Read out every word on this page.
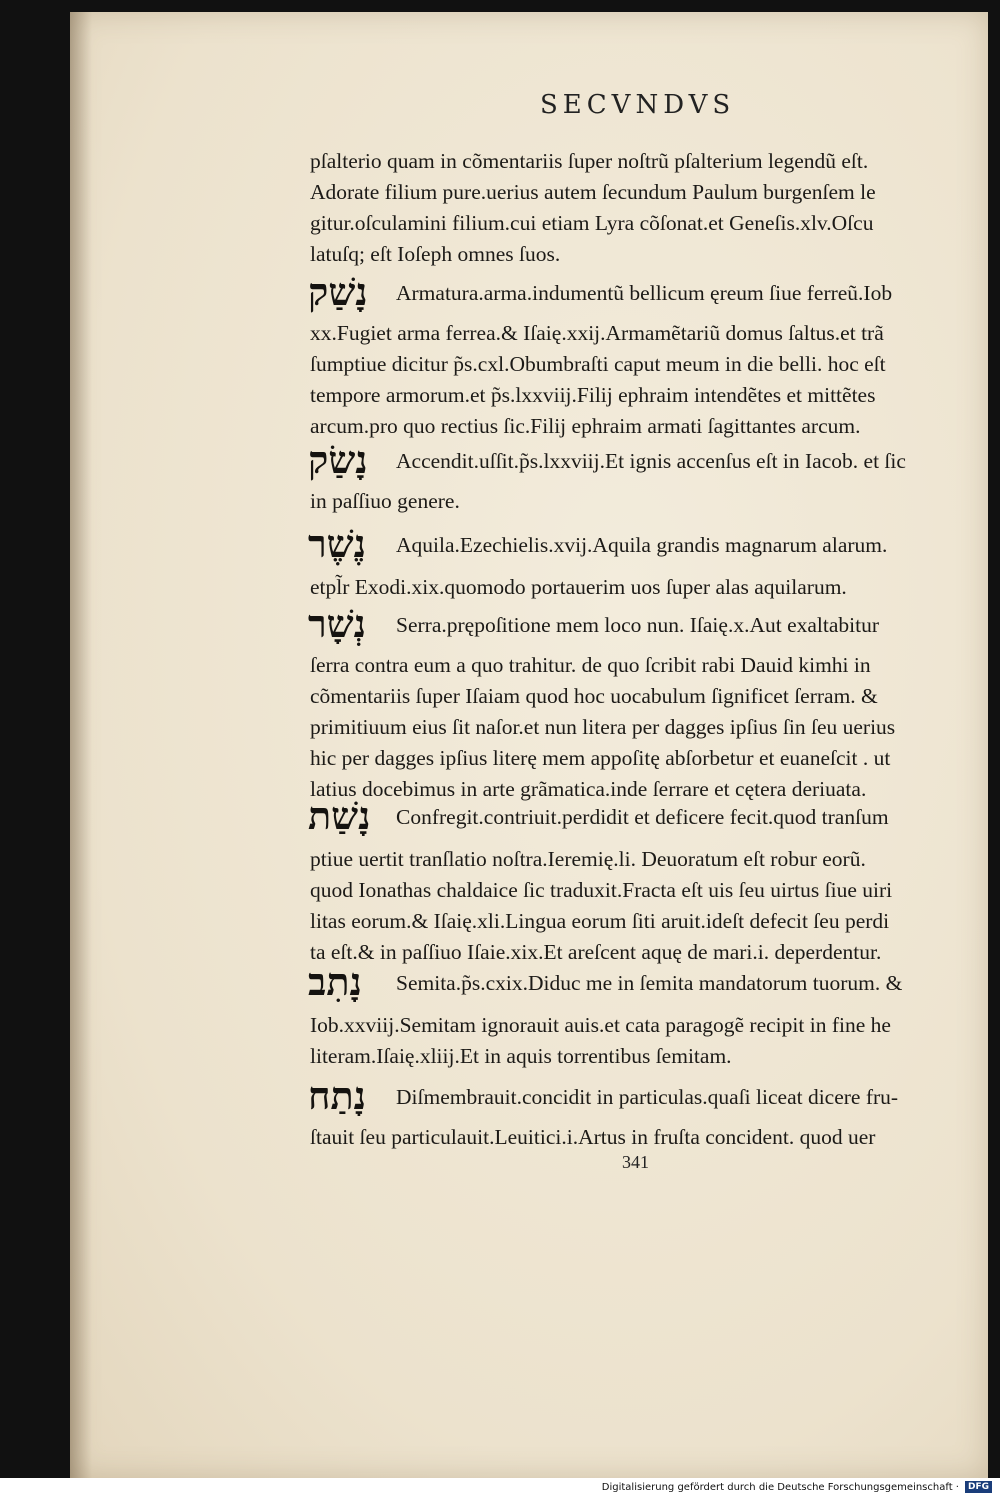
SECVNDVS
pſalterio quam in cõmentariis ſuper noſtrũ pſalterium legendũ eſt.
Adorate filium pure.uerius autem ſecundum Paulum burgenſem le
gitur.oſculamini filium.cui etiam Lyra cõſonat.et Geneſis.xlv.Oſcu
latuſq; eſt Ioſeph omnes ſuos.
נָשַׁק	Armatura.arma.indumentũ bellicum ęreum ſiue ferreũ.Iob
xx.Fugiet arma ferrea.& Iſaię.xxij.Armamẽtariũ domus ſaltus.et trã
ſumptiue dicitur p̃s.cxl.Obumbraſti caput meum in die belli. hoc eſt
tempore armorum.et p̃s.lxxviij.Filij ephraim intendẽtes et mittẽtes
arcum.pro quo rectius ſic.Filij ephraim armati ſagittantes arcum.
נָשַׂק	Accendit.uſſit.p̃s.lxxviij.Et ignis accenſus eſt in Iacob. et ſic
in paſſiuo genere.
נֶשֶׁר	Aquila.Ezechielis.xvij.Aquila grandis magnarum alarum.
etpl̃r Exodi.xix.quomodo portauerim uos ſuper alas aquilarum.
נְשָׁר	Serra.prępoſitione mem loco nun. Iſaię.x.Aut exaltabitur
ſerra contra eum a quo trahitur. de quo ſcribit rabi Dauid kimhi in
cõmentariis ſuper Iſaiam quod hoc uocabulum ſignificet ſerram. &
primitiuum eius ſit naſor.et nun litera per dagges ipſius ſin ſeu uerius
hic per dagges ipſius literę mem appoſitę abſorbetur et euaneſcit . ut
latius docebimus in arte grãmatica.inde ſerrare et cętera deriuata.
נָשַׁת	Confregit.contriuit.perdidit et deficere fecit.quod tranſum
ptiue uertit tranſlatio noſtra.Ieremię.li. Deuoratum eſt robur eorũ.
quod Ionathas chaldaice ſic traduxit.Fracta eſt uis ſeu uirtus ſiue uiri
litas eorum.& Iſaię.xli.Lingua eorum ſiti aruit.ideſt defecit ſeu perdi
ta eſt.& in paſſiuo Iſaie.xix.Et areſcent aquę de mari.i. deperdentur.
נָתִב	Semita.p̃s.cxix.Diduc me in ſemita mandatorum tuorum. &
Iob.xxviij.Semitam ignorauit auis.et cata paragogẽ recipit in fine he
literam.Iſaię.xliij.Et in aquis torrentibus ſemitam.
נָתַח	Diſmembrauit.concidit in particulas.quaſi liceat dicere fru-
ſtauit ſeu particulauit.Leuitici.i.Artus in fruſta concident. quod uer
341
Digitalisierung gefördert durch die Deutsche Forschungsgemeinschaft ·	DFG
